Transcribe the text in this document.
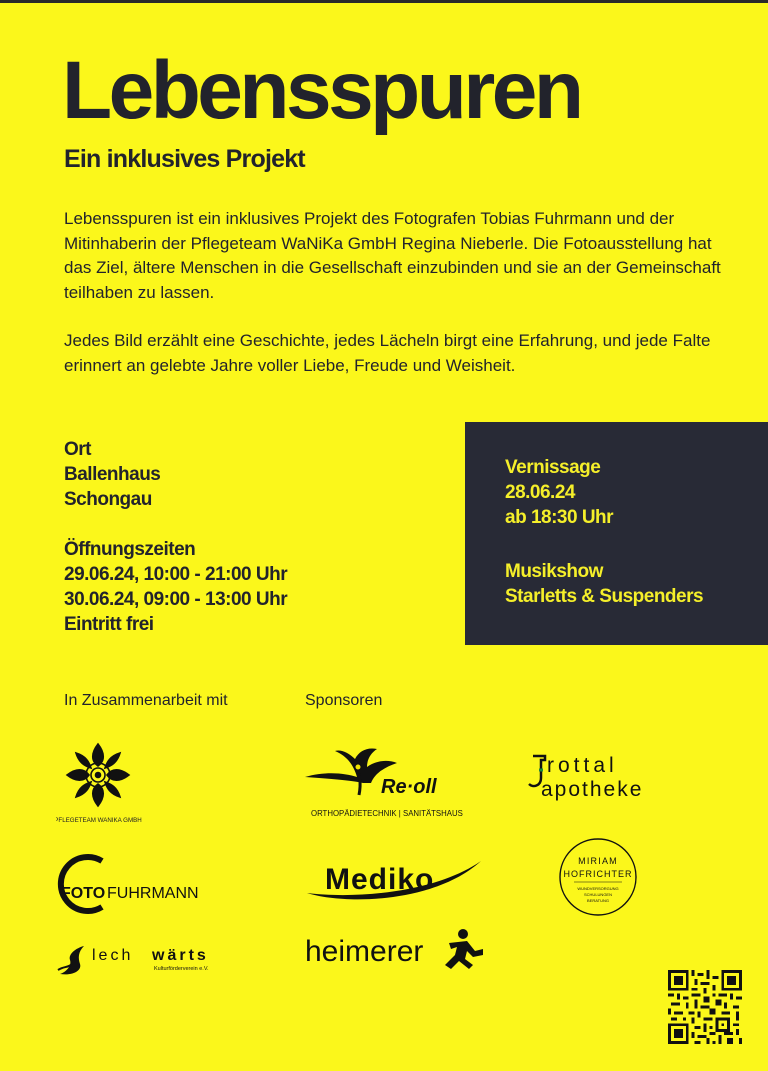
Lebensspuren
Ein inklusives Projekt

Lebensspuren ist ein inklusives Projekt des Fotografen Tobias Fuhrmann und der Mitinhaberin der Pflegeteam WaNiKa GmbH Regina Nieberle. Die Fotoausstellung hat das Ziel, ältere Menschen in die Gesellschaft einzubinden und sie an der Gemeinschaft teilhaben zu lassen.

Jedes Bild erzählt eine Geschichte, jedes Lächeln birgt eine Erfahrung, und jede Falte erinnert an gelebte Jahre voller Liebe, Freude und Weisheit.

Ort
Ballenhaus
Schongau
Öffnungszeiten
29.06.24, 10:00 - 21:00 Uhr
30.06.24, 09:00 - 13:00 Uhr
Eintritt frei
Vernissage
28.06.24
ab 18:30 Uhr
Musikshow
Starletts & Suspenders
In Zusammenarbeit mit	Sponsoren
PFLEGETEAM WANIKA GMBH
FOTO FUHRMANN
lech wärts
Kulturförderverein e.V.
Re·oll
ORTHOPÄDIETECHNIK | SANITÄTSHAUS
Mediko
heimerer
rottal
apotheke
MIRIAM
HOFRICHTER
WUNDVERSORGUNG
SCHULUNGEN
BERATUNG
